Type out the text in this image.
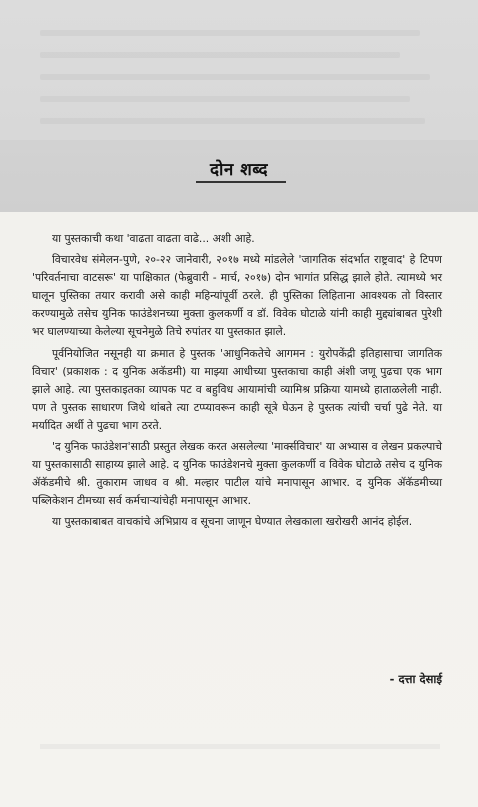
दोन शब्द

या पुस्तकाची कथा 'वाढता वाढता वाढे... अशी आहे.

विचारवेध संमेलन-पुणे, २०-२२ जानेवारी, २०१७ मध्ये मांडलेले 'जागतिक संदर्भात राष्ट्रवाद' हे टिपण 'परिवर्तनाचा वाटसरू' या पाक्षिकात (फेब्रुवारी - मार्च, २०१७) दोन भागांत प्रसिद्ध झाले होते. त्यामध्ये भर घालून पुस्तिका तयार करावी असे काही महिन्यांपूर्वी ठरले. ही पुस्तिका लिहिताना आवश्यक तो विस्तार करण्यामुळे तसेच युनिक फाउंडेशनच्या मुक्ता कुलकर्णी व डॉ. विवेक घोटाळे यांनी काही मुद्द्यांबाबत पुरेशी भर घालण्याच्या केलेल्या सूचनेमुळे तिचे रुपांतर या पुस्तकात झाले.

पूर्वनियोजित नसूनही या क्रमात हे पुस्तक 'आधुनिकतेचे आगमन : युरोपकेंद्री इतिहासाचा जागतिक विचार' (प्रकाशक : द युनिक अकॅडमी) या माझ्या आधीच्या पुस्तकाचा काही अंशी जणू पुढचा एक भाग झाले आहे. त्या पुस्तकाइतका व्यापक पट व बहुविध आयामांची व्यामिश्र प्रक्रिया यामध्ये हाताळलेली नाही. पण ते पुस्तक साधारण जिथे थांबते त्या टप्प्यावरून काही सूत्रे घेऊन हे पुस्तक त्यांची चर्चा पुढे नेते. या मर्यादित अर्थी ते पुढचा भाग ठरते.

'द युनिक फाउंडेशन'साठी प्रस्तुत लेखक करत असलेल्या 'मार्क्सविचार' या अभ्यास व लेखन प्रकल्पाचे या पुस्तकासाठी साहाय्य झाले आहे. द युनिक फाउंडेशनचे मुक्ता कुलकर्णी व विवेक घोटाळे तसेच द युनिक ॲकॅडमीचे श्री. तुकाराम जाधव व श्री. मल्हार पाटील यांचे मनापासून आभार. द युनिक ॲकॅडमीच्या पब्लिकेशन टीमच्या सर्व कर्मचाऱ्यांचेही मनापासून आभार.

या पुस्तकाबाबत वाचकांचे अभिप्राय व सूचना जाणून घेण्यात लेखकाला खरोखरी आनंद होईल.

- दत्ता देसाई
